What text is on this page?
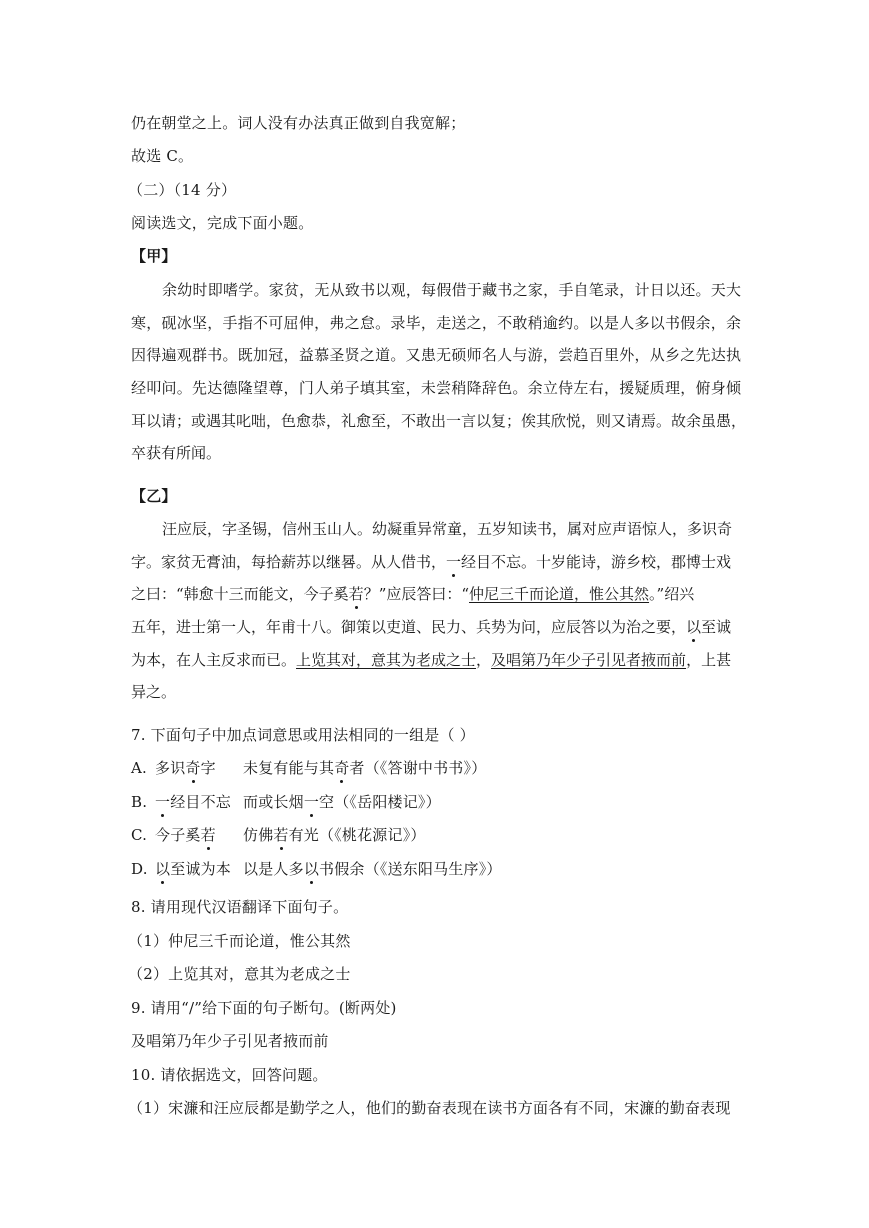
仍在朝堂之上。词人没有办法真正做到自我宽解；
故选 C。
（二）（14 分）
阅读选文，完成下面小题。
【甲】
余幼时即嗜学。家贫，无从致书以观，每假借于藏书之家，手自笔录，计日以还。天大
寒，砚冰坚，手指不可屈伸，弗之怠。录毕，走送之，不敢稍逾约。以是人多以书假余，余
因得遍观群书。既加冠，益慕圣贤之道。又患无硕师名人与游，尝趋百里外，从乡之先达执
经叩问。先达德隆望尊，门人弟子填其室，未尝稍降辞色。余立侍左右，援疑质理，俯身倾
耳以请；或遇其叱咄，色愈恭，礼愈至，不敢出一言以复；俟其欣悦，则又请焉。故余虽愚，
卒获有所闻。
【乙】
汪应辰，字圣锡，信州玉山人。幼凝重异常童，五岁知读书，属对应声语惊人，多识奇
字。家贫无膏油，每拾薪苏以继晷。从人借书，一经目不忘。十岁能诗，游乡校，郡博士戏
之曰：“韩愈十三而能文，今子奚若？”应辰答曰：“仲尼三千而论道，惟公其然。”绍兴
五年，进士第一人，年甫十八。御策以吏道、民力、兵势为问，应辰答以为治之要，以至诚
为本，在人主反求而已。上览其对，意其为老成之士，及唱第乃年少子引见者掖而前，上甚
异之。
7. 下面句子中加点词意思或用法相同的一组是（ ）
A. 多识奇字 未复有能与其奇者（《答谢中书书》）
B. 一经目不忘 而或长烟一空（《岳阳楼记》）
C. 今子奚若 仿佛若有光（《桃花源记》）
D. 以至诚为本 以是人多以书假余（《送东阳马生序》）
8. 请用现代汉语翻译下面句子。
（1）仲尼三千而论道，惟公其然
（2）上览其对，意其为老成之士
9. 请用“/”给下面的句子断句。(断两处)
及唱第乃年少子引见者掖而前
10. 请依据选文，回答问题。
（1）宋濂和汪应辰都是勤学之人，他们的勤奋表现在读书方面各有不同，宋濂的勤奋表现
